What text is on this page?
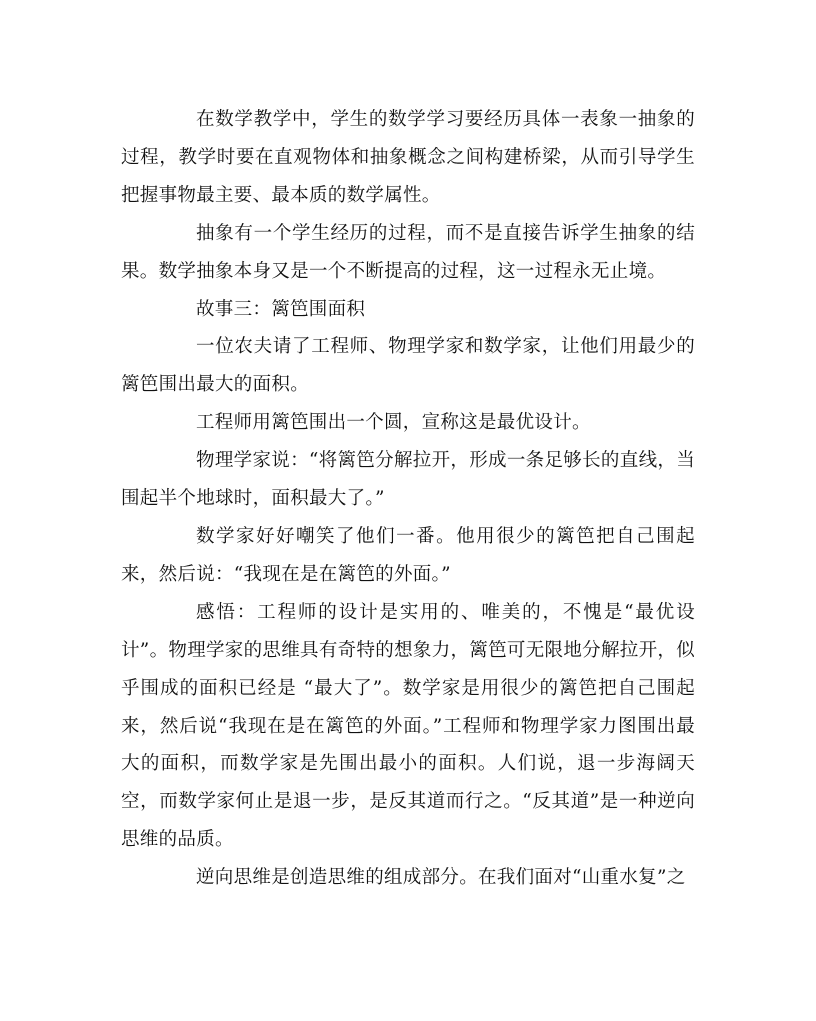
在数学教学中，学生的数学学习要经历具体一表象一抽象的过程，教学时要在直观物体和抽象概念之间构建桥梁，从而引导学生把握事物最主要、最本质的数学属性。

抽象有一个学生经历的过程，而不是直接告诉学生抽象的结果。数学抽象本身又是一个不断提高的过程，这一过程永无止境。

故事三：篱笆围面积

一位农夫请了工程师、物理学家和数学家，让他们用最少的篱笆围出最大的面积。

工程师用篱笆围出一个圆，宣称这是最优设计。

物理学家说：“将篱笆分解拉开，形成一条足够长的直线，当围起半个地球时，面积最大了。”

数学家好好嘲笑了他们一番。他用很少的篱笆把自己围起来，然后说：“我现在是在篱笆的外面。”

感悟：工程师的设计是实用的、唯美的，不愧是“最优设计”。物理学家的思维具有奇特的想象力，篱笆可无限地分解拉开，似乎围成的面积已经是 “最大了”。数学家是用很少的篱笆把自己围起来，然后说“我现在是在篱笆的外面。”工程师和物理学家力图围出最大的面积，而数学家是先围出最小的面积。人们说，退一步海阔天空，而数学家何止是退一步，是反其道而行之。“反其道”是一种逆向思维的品质。

逆向思维是创造思维的组成部分。在我们面对“山重水复”之
